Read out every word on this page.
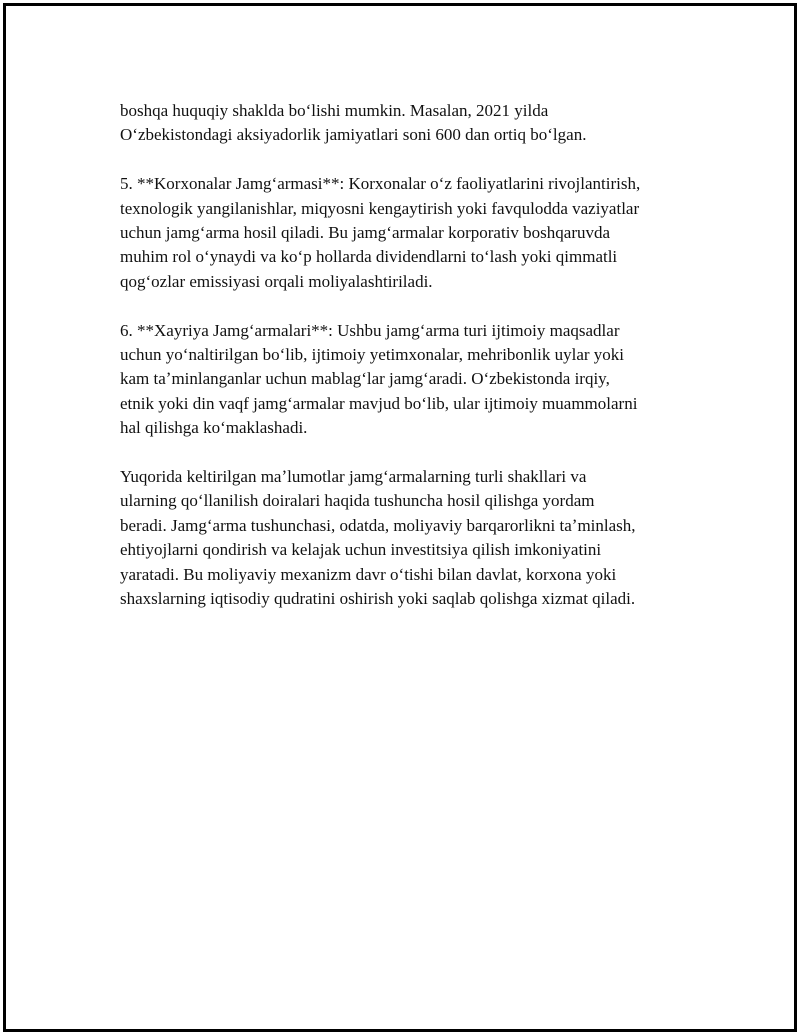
boshqa huquqiy shaklda boʻlishi mumkin. Masalan, 2021 yilda
Oʻzbekistondagi aksiyadorlik jamiyatlari soni 600 dan ortiq boʻlgan.

5. **Korxonalar Jamgʻarmasi**: Korxonalar oʻz faoliyatlarini rivojlantirish,
texnologik yangilanishlar, miqyosni kengaytirish yoki favqulodda vaziyatlar
uchun jamgʻarma hosil qiladi. Bu jamgʻarmalar korporativ boshqaruvda
muhim rol oʻynaydi va koʻp hollarda dividendlarni toʻlash yoki qimmatli
qogʻozlar emissiyasi orqali moliyalashtiriladi.

6. **Xayriya Jamgʻarmalari**: Ushbu jamgʻarma turi ijtimoiy maqsadlar
uchun yoʻnaltirilgan boʻlib, ijtimoiy yetimxonalar, mehribonlik uylar yoki
kam taʼminlanganlar uchun mablagʻlar jamgʻaradi. Oʻzbekistonda irqiy,
etnik yoki din vaqf jamgʻarmalar mavjud boʻlib, ular ijtimoiy muammolarni
hal qilishga koʻmaklashadi.

Yuqorida keltirilgan maʼlumotlar jamgʻarmalarning turli shakllari va
ularning qoʻllanilish doiralari haqida tushuncha hosil qilishga yordam
beradi. Jamgʻarma tushunchasi, odatda, moliyaviy barqarorlikni taʼminlash,
ehtiyojlarni qondirish va kelajak uchun investitsiya qilish imkoniyatini
yaratadi. Bu moliyaviy mexanizm davr oʻtishi bilan davlat, korxona yoki
shaxslarning iqtisodiy qudratini oshirish yoki saqlab qolishga xizmat qiladi.
